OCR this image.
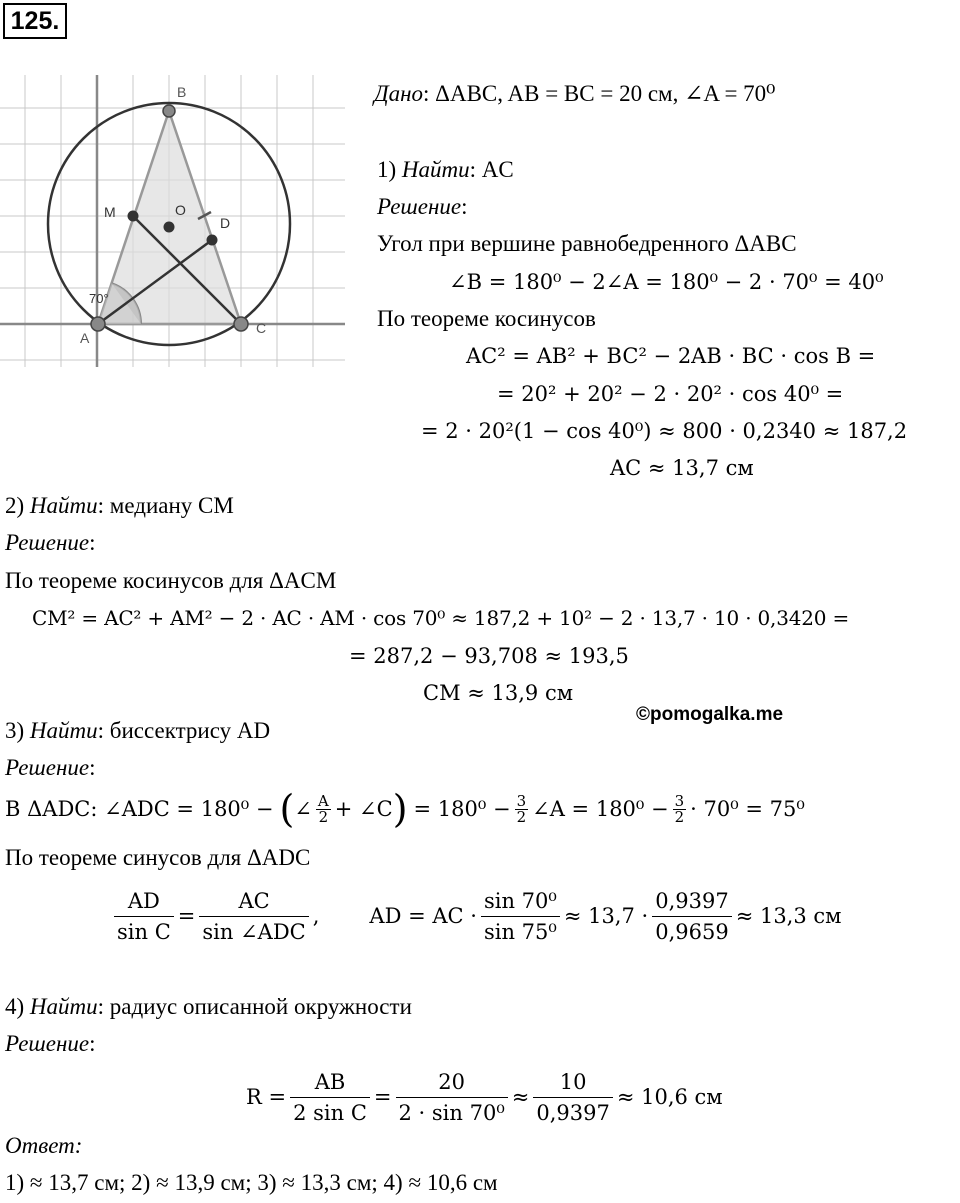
125.
B
M	O
D
A
C
70°
Дано: ΔABC, AB = BC = 20 см, ∠A = 70⁰
1) Найти: AC
Решение:
Угол при вершине равнобедренного ΔABC
∠B = 180⁰ − 2∠A = 180⁰ − 2 · 70⁰ = 40⁰
По теореме косинусов
AC² = AB² + BC² − 2AB · BC · cos B =
= 20² + 20² − 2 · 20² · cos 40⁰ =
= 2 · 20²(1 − cos 40⁰) ≈ 800 · 0,2340 ≈ 187,2
AC ≈ 13,7 см
2) Найти: медиану CM
Решение:
По теореме косинусов для ΔACM
CM² = AC² + AM² − 2 · AC · AM · cos 70⁰ ≈ 187,2 + 10² − 2 · 13,7 · 10 · 0,3420 =
= 287,2 − 93,708 ≈ 193,5
CM ≈ 13,9 см
©pomogalka.me
3) Найти: биссектрису AD
Решение:
В ΔADC: ∠ADC = 180⁰ − ( ∠ $\frac{A}{2}$ + ∠C ) = $180^0 - \frac{3}{2}$ ∠A = $180^0 - \frac{3}{2} \cdot 70^0 = 75^0$
По теореме синусов для ΔADC
$\frac{AD}{\text{sin C}} = \frac{AC}{\text{sin ∠ADC}}$ , AD = AC · $\frac{\text{sin 70⁰}}{\text{sin 75⁰}} \approx 13,7 \cdot \frac{0,9397}{0,9659} \approx 13,3$ см
4) Найти: радиус описанной окружности
Решение:
$R = \frac{AB}{\text{2 sin C}} = \frac{20}{\text{2 · sin 70⁰}} \approx \frac{10}{0,9397} \approx 10,6$ см
Ответ:
1) ≈ 13,7 см; 2) ≈ 13,9 см; 3) ≈ 13,3 см; 4) ≈ 10,6 см
